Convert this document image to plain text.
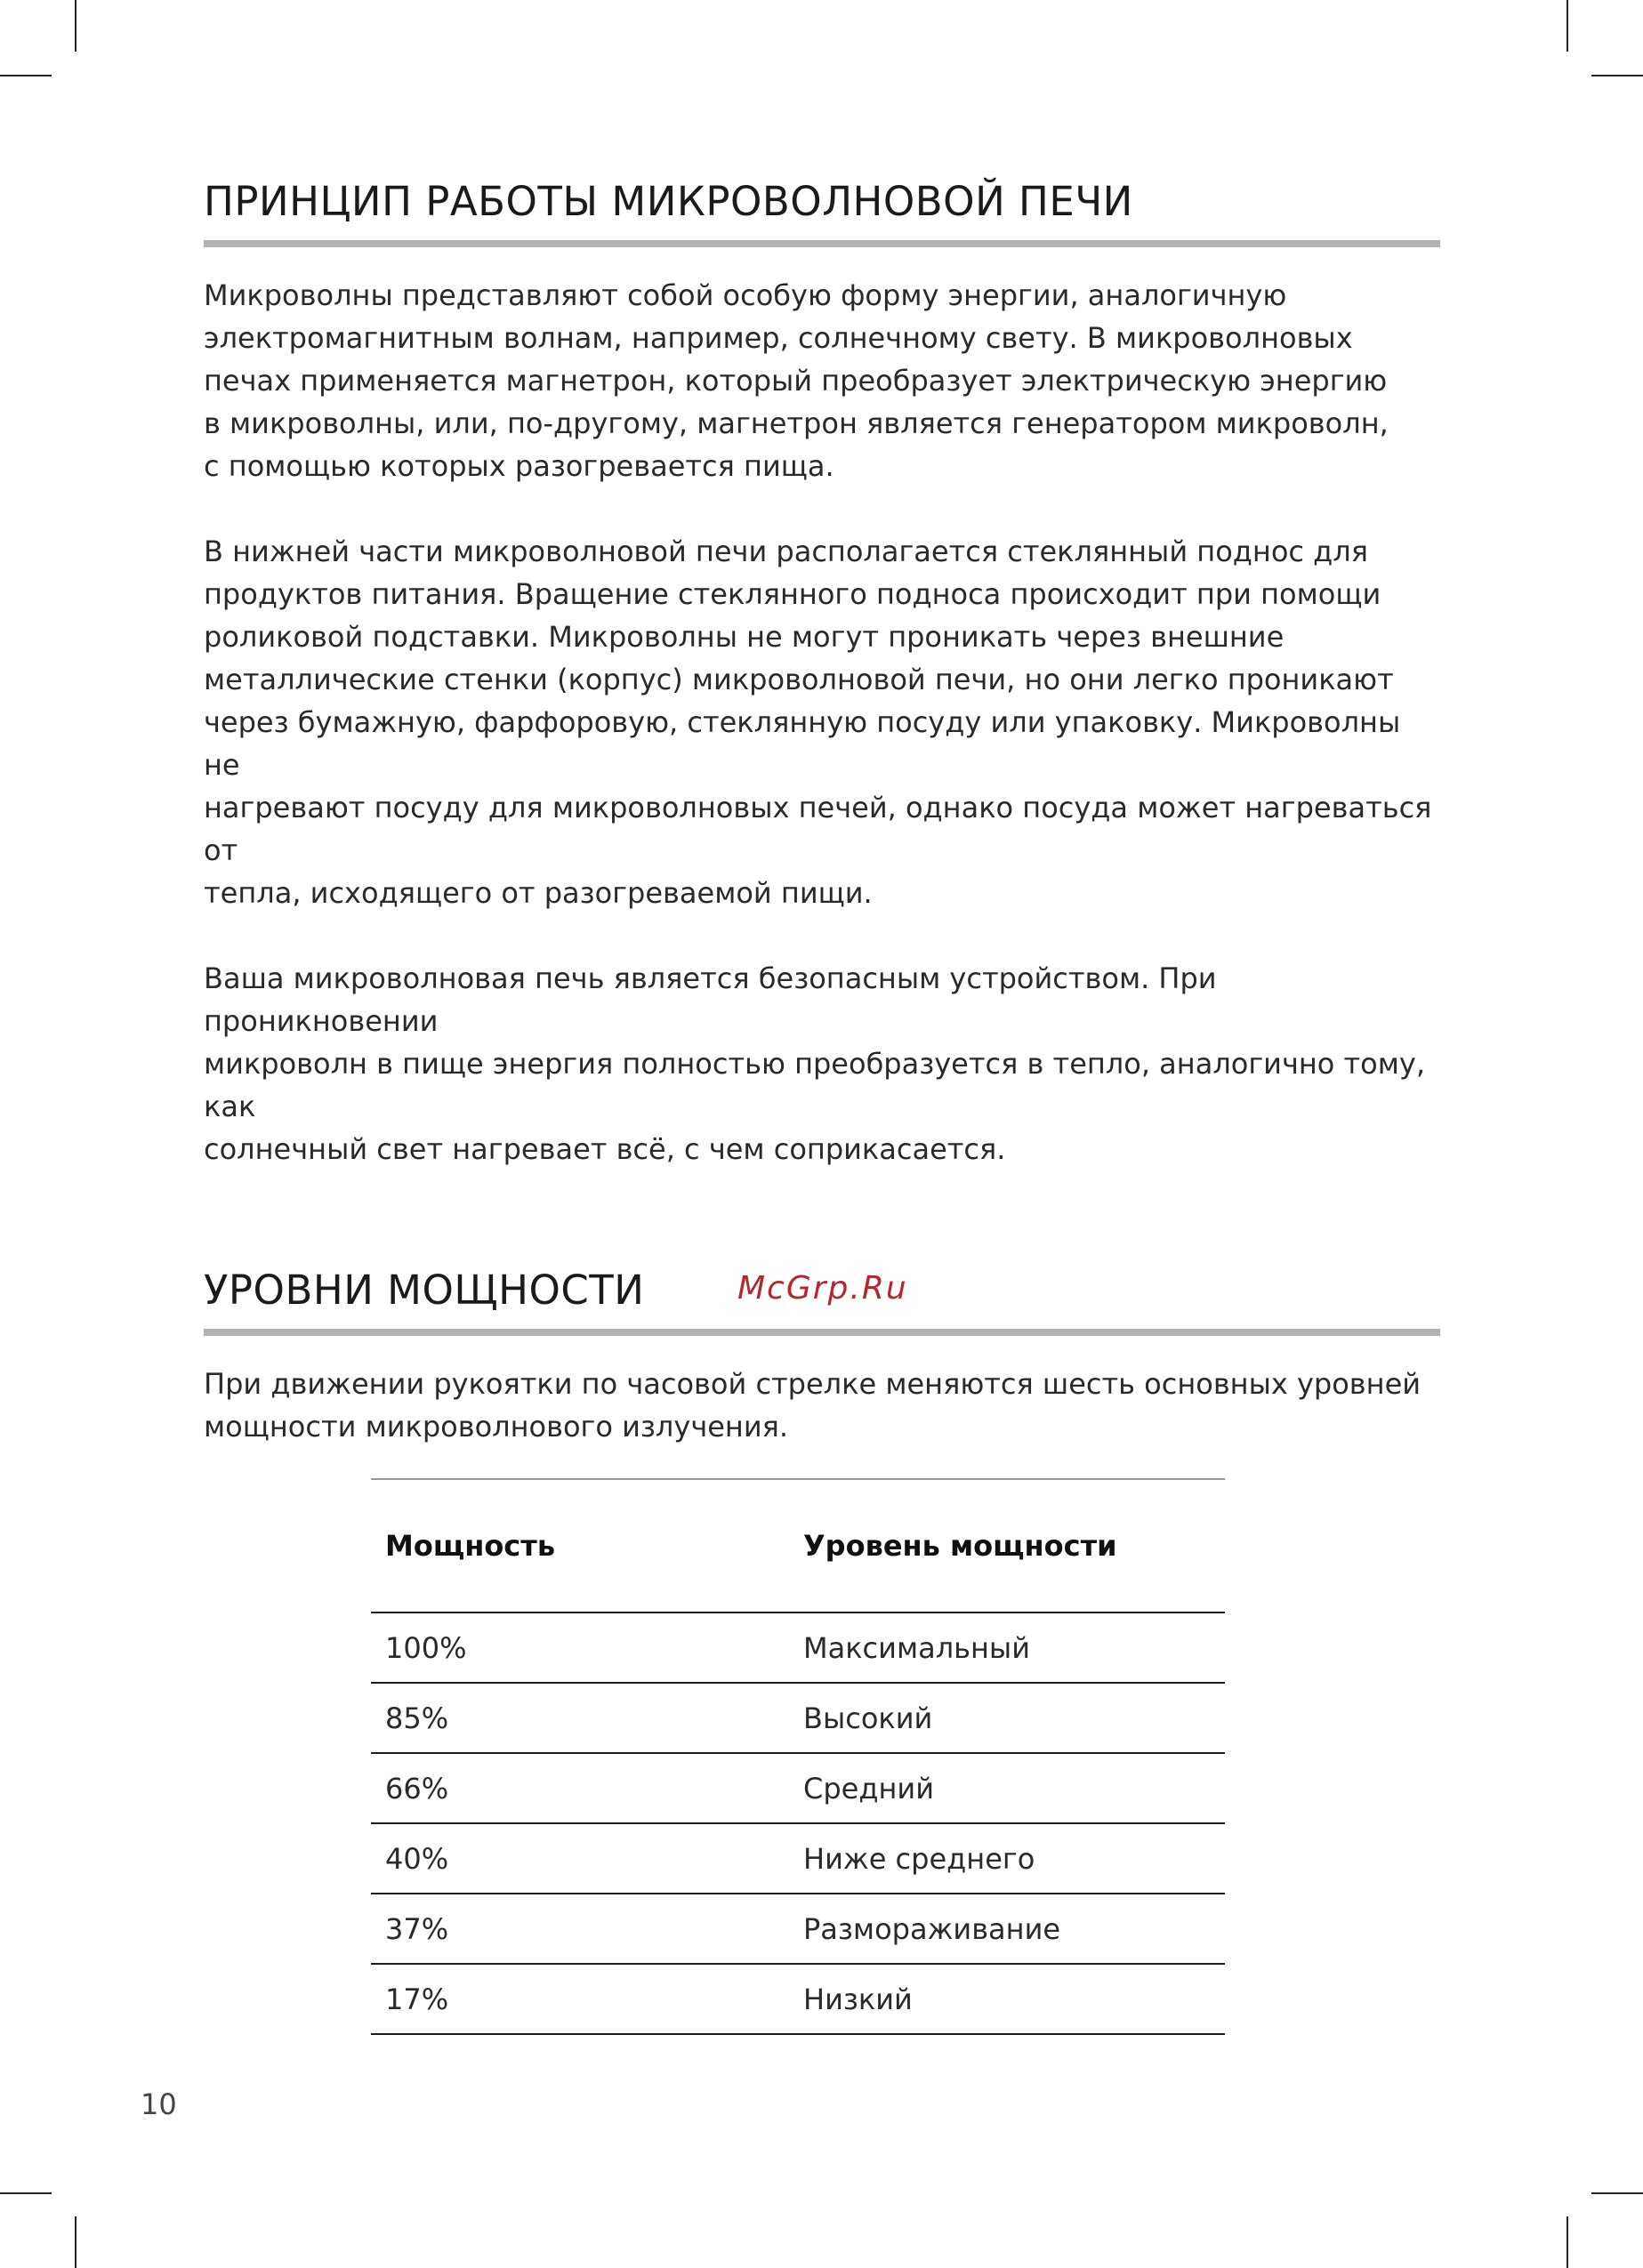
ПРИНЦИП РАБОТЫ МИКРОВОЛНОВОЙ ПЕЧИ

Микроволны представляют собой особую форму энергии, аналогичную
электромагнитным волнам, например, солнечному свету. В микроволновых
печах применяется магнетрон, который преобразует электрическую энергию
в микроволны, или, по-другому, магнетрон является генератором микроволн,
с помощью которых разогревается пища.

В нижней части микроволновой печи располагается стеклянный поднос для
продуктов питания. Вращение стеклянного подноса происходит при помощи
роликовой подставки. Микроволны не могут проникать через внешние
металлические стенки (корпус) микроволновой печи, но они легко проникают
через бумажную, фарфоровую, стеклянную посуду или упаковку. Микроволны не
нагревают посуду для микроволновых печей, однако посуда может нагреваться от
тепла, исходящего от разогреваемой пищи.

Ваша микроволновая печь является безопасным устройством. При проникновении
микроволн в пище энергия полностью преобразуется в тепло, аналогично тому, как
солнечный свет нагревает всё, с чем соприкасается.

УРОВНИ МОЩНОСТИ	McGrp.Ru

При движении рукоятки по часовой стрелке меняются шесть основных уровней
мощности микроволнового излучения.

Мощность	Уровень мощности
100%	Максимальный
85%	Высокий
66%	Средний
40%	Ниже среднего
37%	Размораживание
17%	Низкий
10
